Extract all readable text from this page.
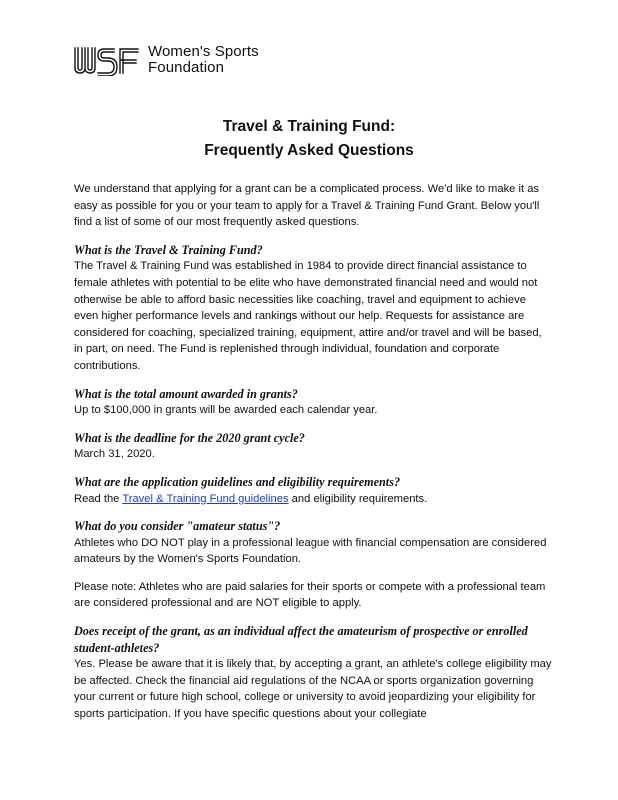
WSF	Women's Sports
Foundation
Travel & Training Fund:
Frequently Asked Questions

We understand that applying for a grant can be a complicated process. We'd like to make it as easy as possible for you or your team to apply for a Travel & Training Fund Grant. Below you'll find a list of some of our most frequently asked questions.

What is the Travel & Training Fund?

The Travel & Training Fund was established in 1984 to provide direct financial assistance to female athletes with potential to be elite who have demonstrated financial need and would not otherwise be able to afford basic necessities like coaching, travel and equipment to achieve even higher performance levels and rankings without our help. Requests for assistance are considered for coaching, specialized training, equipment, attire and/or travel and will be based, in part, on need. The Fund is replenished through individual, foundation and corporate contributions.

What is the total amount awarded in grants?

Up to $100,000 in grants will be awarded each calendar year.

What is the deadline for the 2020 grant cycle?

March 31, 2020.

What are the application guidelines and eligibility requirements?

Read the Travel & Training Fund guidelines and eligibility requirements.

What do you consider "amateur status"?

Athletes who DO NOT play in a professional league with financial compensation are considered amateurs by the Women's Sports Foundation.

Please note: Athletes who are paid salaries for their sports or compete with a professional team are considered professional and are NOT eligible to apply.

Does receipt of the grant, as an individual affect the amateurism of prospective or enrolled student-athletes?

Yes. Please be aware that it is likely that, by accepting a grant, an athlete's college eligibility may be affected. Check the financial aid regulations of the NCAA or sports organization governing your current or future high school, college or university to avoid jeopardizing your eligibility for sports participation. If you have specific questions about your collegiate
